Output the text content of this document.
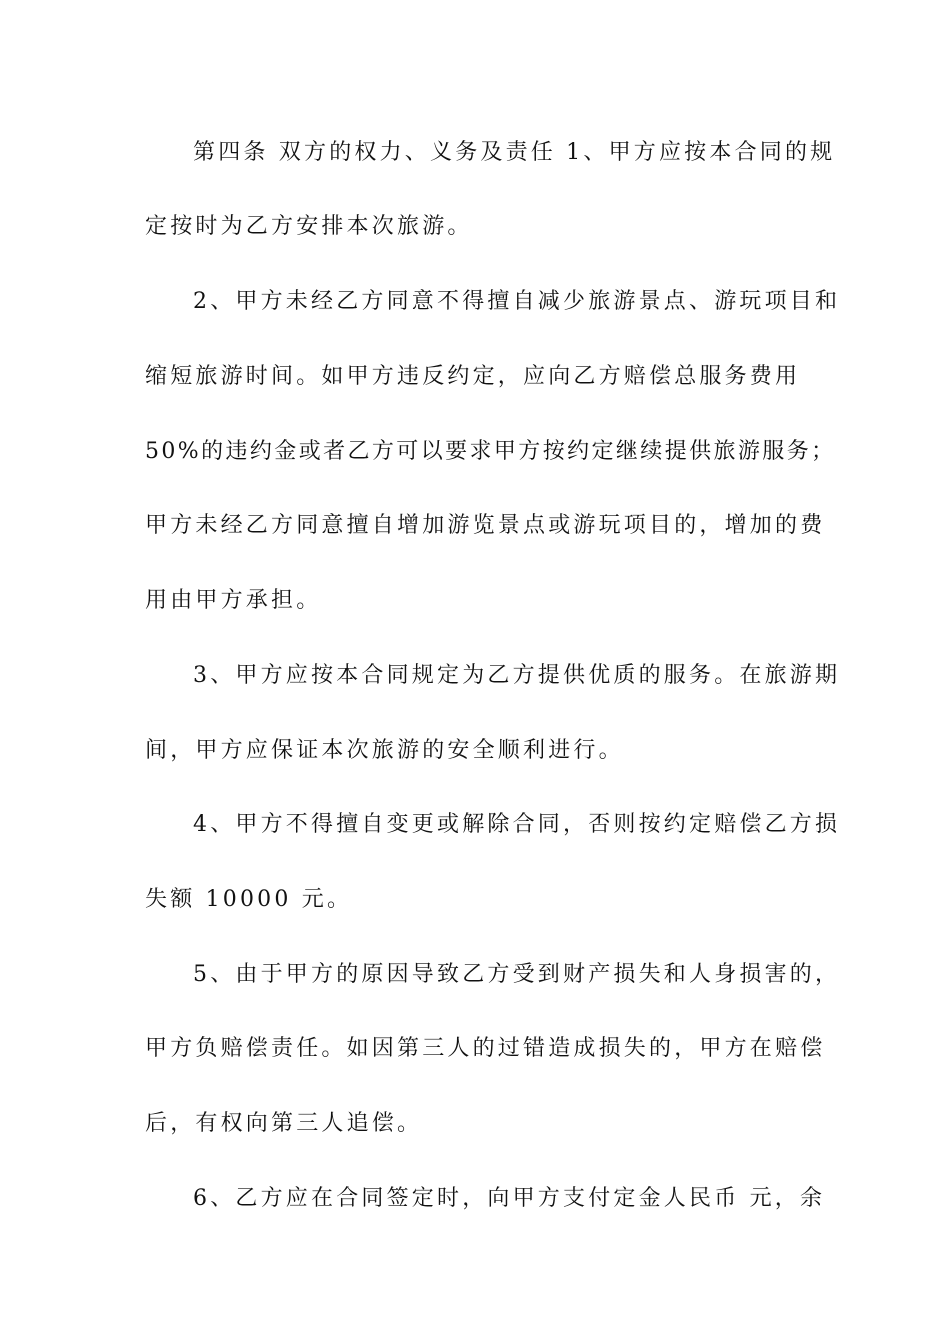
第四条 双方的权力、义务及责任 1、甲方应按本合同的规
定按时为乙方安排本次旅游。
2、甲方未经乙方同意不得擅自减少旅游景点、游玩项目和
缩短旅游时间。如甲方违反约定，应向乙方赔偿总服务费用
50%的违约金或者乙方可以要求甲方按约定继续提供旅游服务；
甲方未经乙方同意擅自增加游览景点或游玩项目的，增加的费
用由甲方承担。
3、甲方应按本合同规定为乙方提供优质的服务。在旅游期
间，甲方应保证本次旅游的安全顺利进行。
4、甲方不得擅自变更或解除合同，否则按约定赔偿乙方损
失额 10000 元。
5、由于甲方的原因导致乙方受到财产损失和人身损害的，
甲方负赔偿责任。如因第三人的过错造成损失的，甲方在赔偿
后，有权向第三人追偿。
6、乙方应在合同签定时，向甲方支付定金人民币 元，余
